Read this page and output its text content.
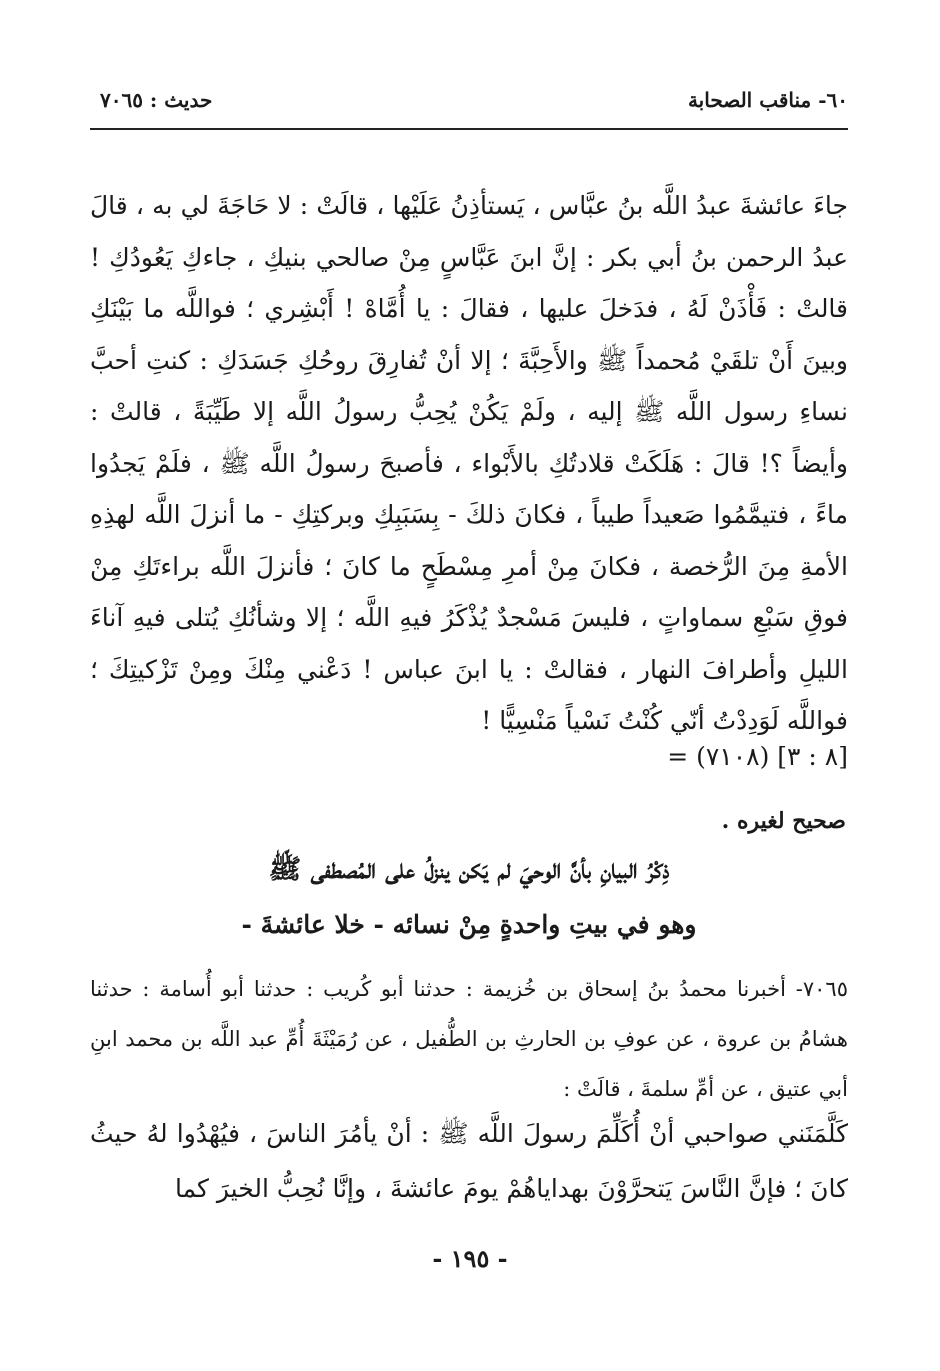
٦٠- مناقب الصحابة
حديث : ٧٠٦٥
جاءَ عائشةَ عبدُ اللَّه بنُ عبَّاس ، يَستأذِنُ عَلَيْها ، قالَتْ : لا حَاجَةَ لي به ، قالَ عبدُ الرحمن بنُ أبي بكر : إنَّ ابنَ عَبَّاسٍ مِنْ صالحي بنيكِ ، جاءكِ يَعُودُكِ ! قالتْ : فَأْذَنْ لَهُ ، فدَخلَ عليها ، فقالَ : يا أُمَّاهْ ! أَبْشِري ؛ فواللَّه ما بَيْنَكِ وبينَ أَنْ تلقَيْ مُحمداً ﷺ والأَحِبَّةَ ؛ إلا أنْ تُفارِقَ روحُكِ جَسَدَكِ : كنتِ أحبَّ نساءِ رسول اللَّه ﷺ إليه ، ولَمْ يَكُنْ يُحِبُّ رسولُ اللَّه إلا طَيِّبَةً ، قالتْ : وأيضاً ؟! قالَ : هَلَكَتْ قلادتُكِ بالأَبْواء ، فأصبحَ رسولُ اللَّه ﷺ ، فلَمْ يَجدُوا ماءً ، فتيمَّمُوا صَعيداً طيباً ، فكانَ ذلكَ - بِسَبَبِكِ وبركتِكِ - ما أنزلَ اللَّه لهذِهِ الأمةِ مِنَ الرُّخصة ، فكانَ مِنْ أمرِ مِسْطَحٍ ما كانَ ؛ فأنزلَ اللَّه براءتَكِ مِنْ فوقِ سَبْعِ سماواتٍ ، فليسَ مَسْجدٌ يُذْكَرُ فيهِ اللَّه ؛ إلا وشأنُكِ يُتلى فيهِ آناءَ الليلِ وأطرافَ النهار ، فقالتْ : يا ابنَ عباس ! دَعْني مِنْكَ ومِنْ تَزْكيتِكَ ؛ فواللَّه لَوَدِدْتُ أنّي كُنْتُ نَسْياً مَنْسِيًّا !
= (٧١٠٨) [٨ : ٣]
صحيح لغيره .
ذِكْرُ البيانِ بأنَّ الوحيَ لم يَكن ينزلُ على المُصطفى ﷺ
وهو في بيتِ واحدةٍ مِنْ نسائه - خلا عائشةَ -
٧٠٦٥- أخبرنا محمدُ بنُ إسحاق بن خُزيمة : حدثنا أبو كُريب : حدثنا أبو أُسامة : حدثنا هشامُ بن عروة ، عن عوفِ بن الحارثِ بن الطُّفيل ، عن رُمَيْثَةَ أُمِّ عبد اللَّه بن محمد ابنِ أبي عتيق ، عن أمِّ سلمةَ ، قالَتْ :
كَلَّمَنَني صواحبي أنْ أُكَلِّمَ رسولَ اللَّه ﷺ : أنْ يأمُرَ الناسَ ، فيُهْدُوا لهُ حيثُ كانَ ؛ فإنَّ النَّاسَ يَتحرَّوْنَ بهداياهُمْ يومَ عائشةَ ، وإنَّا نُحِبُّ الخيرَ كما
- ١٩٥ -
